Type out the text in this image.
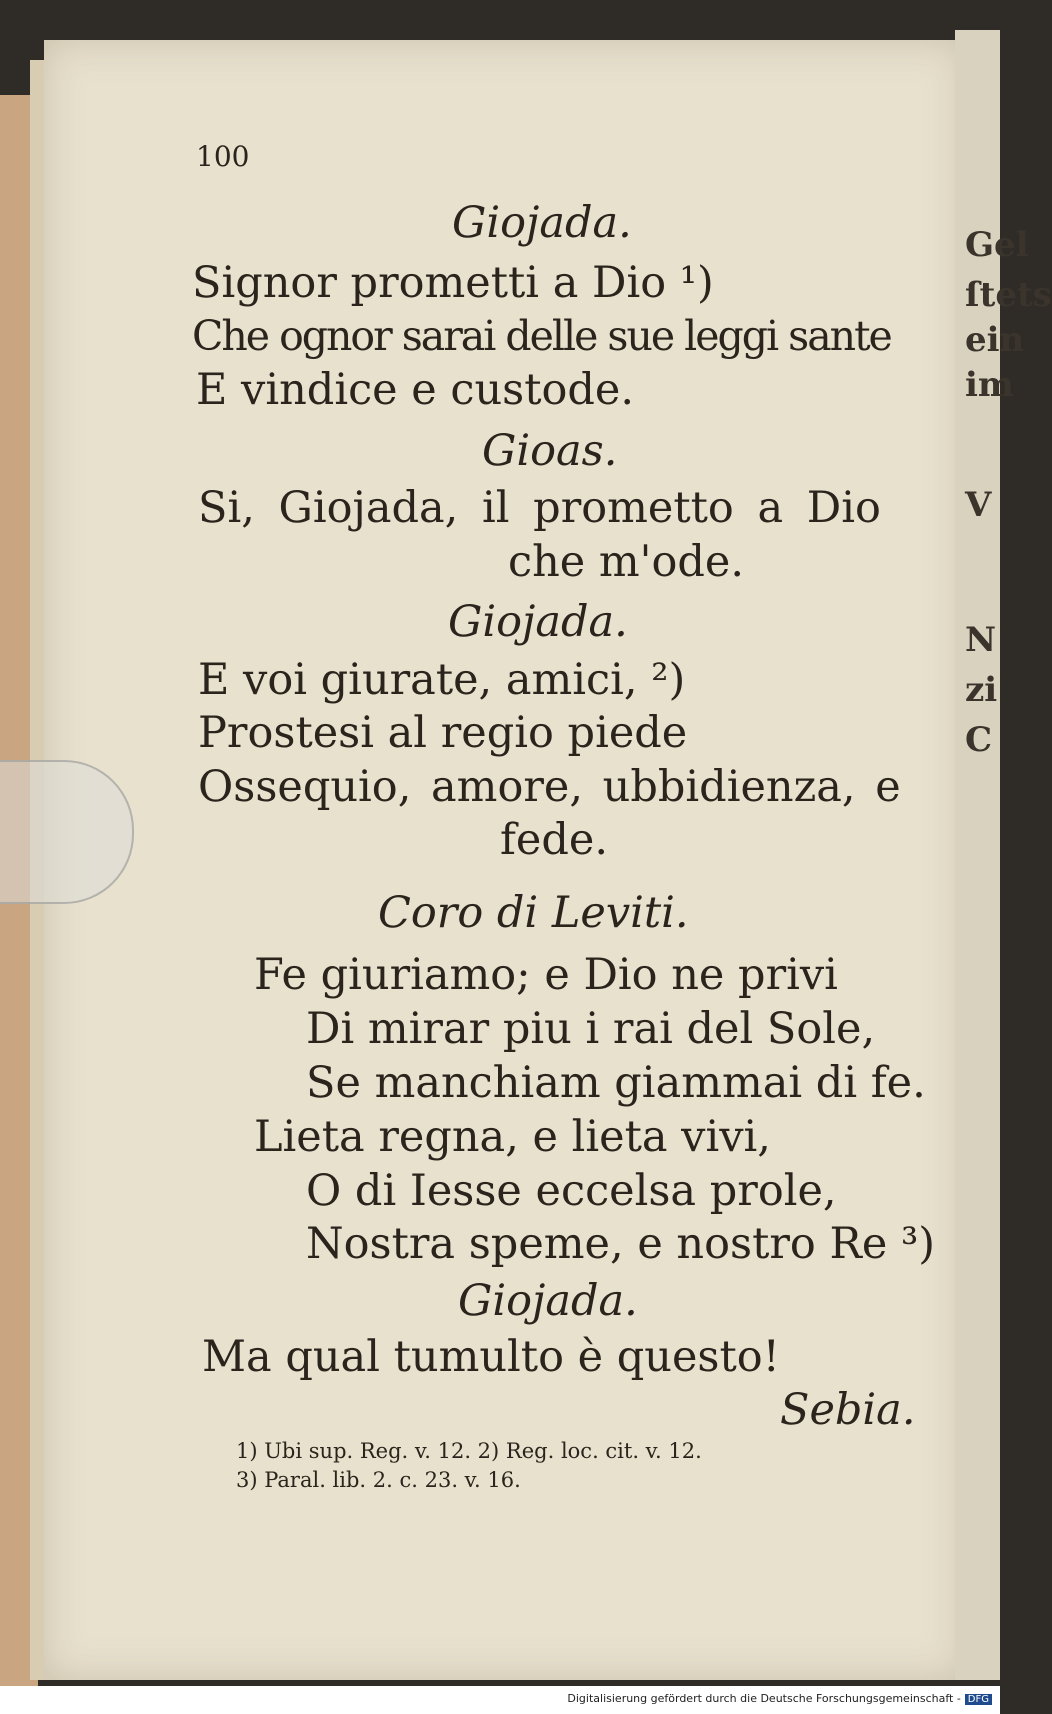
Gel
ſtets
ein
im
V
N
zi
C
100
Giojada.
Signor prometti a Dio ¹)
Che ognor sarai delle sue leggi sante
E vindice e custode.
Gioas.
Si, Giojada, il prometto a Dio
che m'ode.
Giojada.
E voi giurate, amici, ²)
Prostesi al regio piede
Ossequio, amore, ubbidienza, e
fede.
Coro di Leviti.
Fe giuriamo; e Dio ne privi
Di mirar piu i rai del Sole,
Se manchiam giammai di fe.
Lieta regna, e lieta vivi,
O di Iesse eccelsa prole,
Nostra speme, e nostro Re ³)
Giojada.
Ma qual tumulto è questo!
Sebia.
1) Ubi sup. Reg. v. 12. 2) Reg. loc. cit. v. 12.
3) Paral. lib. 2. c. 23. v. 16.
Digitalisierung gefördert durch die Deutsche Forschungsgemeinschaft - DFG
